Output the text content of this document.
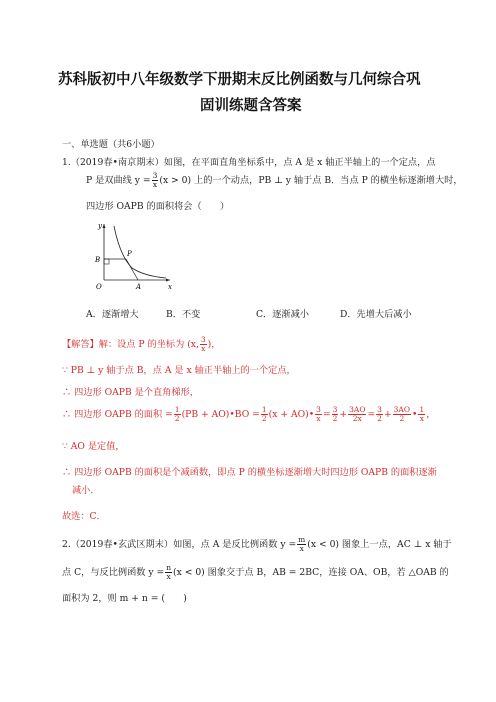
苏科版初中八年级数学下册期末反比例函数与几何综合巩
固训练题含答案
一、单选题（共6小题）
1.（2019春•南京期末）如图，在平面直角坐标系中，点 A 是 x 轴正半轴上的一个定点，点
P 是双曲线 $y = \frac{3}{x} (x > 0)$ 上的一个动点，PB ⊥ y 轴于点 B．当点 P 的横坐标逐渐增大时，
四边形 OAPB 的面积将会（　　）
y
x
B
P
O	A
A．逐渐增大	B．不变	C．逐渐减小	D．先增大后减小
【解答】解：设点 P 的坐标为 (x, $\frac{3}{x}$ )，
∵ PB ⊥ y 轴于点 B，点 A 是 x 轴正半轴上的一个定点，
∴ 四边形 OAPB 是个直角梯形，
∴ 四边形 OAPB 的面积 = $\frac{1}{2} (PB$ + AO)•BO = $\frac{1}{2} (x$ + AO)• $\frac{3}{x} = \frac{3}{2} + \frac{3AO}{2x} = \frac{3}{2} + \frac{3AO}{2}$ • $\frac{1}{x}$ ，
∵ AO 是定值，
∴ 四边形 OAPB 的面积是个减函数，即点 P 的横坐标逐渐增大时四边形 OAPB 的面积逐渐
减小．
故选：C．
2.（2019春•玄武区期末）如图，点 A 是反比例函数 $y = \frac{m}{x} (x < 0)$ 图象上一点，AC ⊥ x 轴于
点 C，与反比例函数 $y = \frac{n}{x} (x < 0)$ 图象交于点 B，AB = 2BC，连接 OA、OB，若 △OAB 的
面积为 2，则 m + n = (　　)
